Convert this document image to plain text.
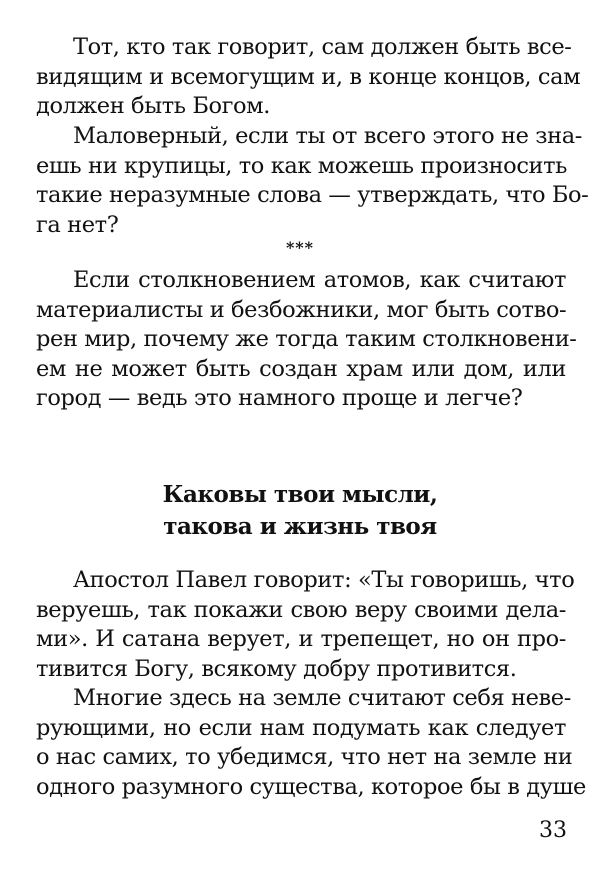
Тот, кто так говорит, сам должен быть все-
видящим и всемогущим и, в конце концов, сам
должен быть Богом.
Маловерный, если ты от всего этого не зна-
ешь ни крупицы, то как можешь произносить
такие неразумные слова — утверждать, что Бо-
га нет?
***
Если столкновением атомов, как считают
материалисты и безбожники, мог быть сотво-
рен мир, почему же тогда таким столкновени-
ем не может быть создан храм или дом, или
город — ведь это намного проще и легче?
Каковы твои мысли,
такова и жизнь твоя
Апостол Павел говорит: «Ты говоришь, что
веруешь, так покажи свою веру своими дела-
ми». И сатана верует, и трепещет, но он про-
тивится Богу, всякому добру противится.
Многие здесь на земле считают себя неве-
рующими, но если нам подумать как следует
о нас самих, то убедимся, что нет на земле ни
одного разумного существа, которое бы в душе
33
